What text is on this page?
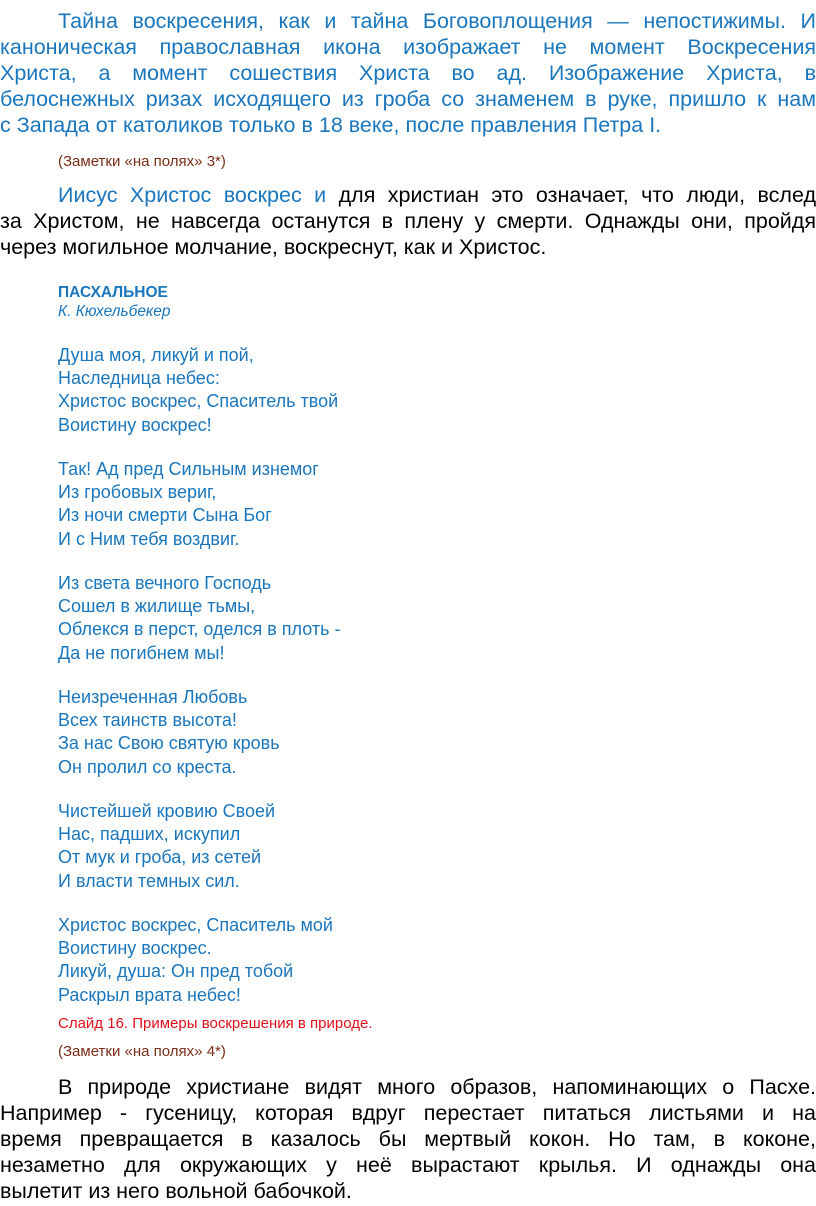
Тайна воскресения, как и тайна Боговоплощения — непостижимы. И
каноническая православная икона изображает не момент Воскресения
Христа, а момент сошествия Христа во ад. Изображение Христа, в
белоснежных ризах исходящего из гроба со знаменем в руке, пришло к нам
с Запада от католиков только в 18 веке, после правления Петра I.

(Заметки «на полях» 3*)

Иисус Христос воскрес и для христиан это означает, что люди, вслед
за Христом, не навсегда останутся в плену у смерти. Однажды они, пройдя
через могильное молчание, воскреснут, как и Христос.

ПАСХАЛЬНОЕ

К. Кюхельбекер

Душа моя, ликуй и пой,
Наследница небес:
Христос воскрес, Спаситель твой
Воистину воскрес!
Так! Ад пред Сильным изнемог
Из гробовых вериг,
Из ночи смерти Сына Бог
И с Ним тебя воздвиг.
Из света вечного Господь
Сошел в жилище тьмы,
Облекся в перст, оделся в плоть -
Да не погибнем мы!
Неизреченная Любовь
Всех таинств высота!
За нас Свою святую кровь
Он пролил со креста.
Чистейшей кровию Своей
Нас, падших, искупил
От мук и гроба, из сетей
И власти темных сил.
Христос воскрес, Спаситель мой
Воистину воскрес.
Ликуй, душа: Он пред тобой
Раскрыл врата небес!

Слайд 16. Примеры воскрешения в природе.

(Заметки «на полях» 4*)

В природе христиане видят много образов, напоминающих о Пасхе.
Например - гусеницу, которая вдруг перестает питаться листьями и на
время превращается в казалось бы мертвый кокон. Но там, в коконе,
незаметно для окружающих у неё вырастают крылья. И однажды она
вылетит из него вольной бабочкой.
